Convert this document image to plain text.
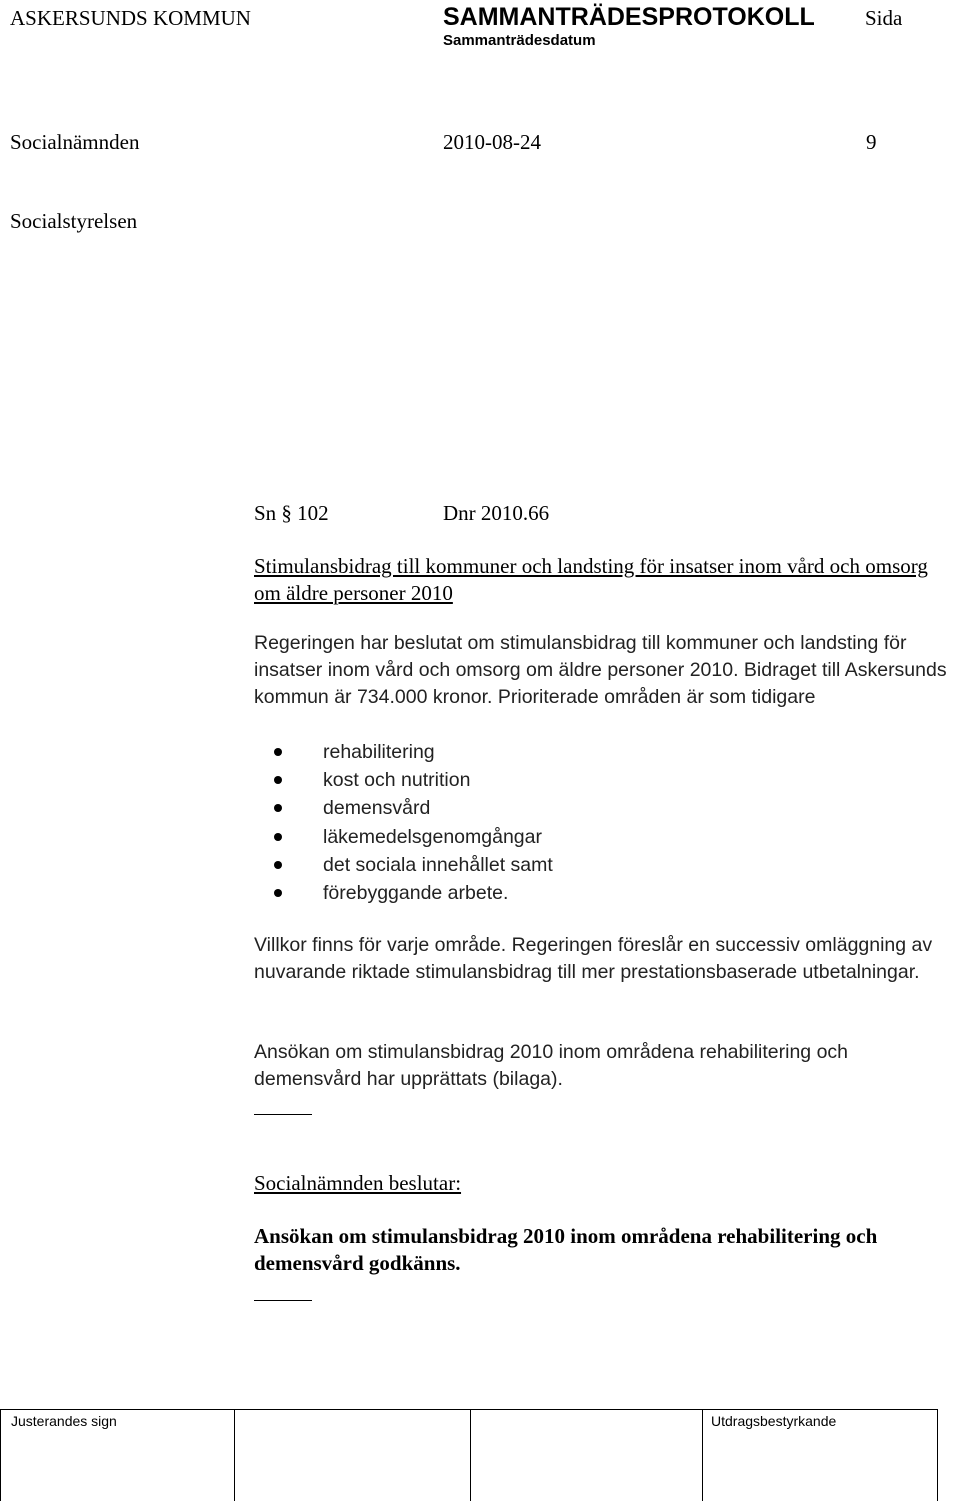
ASKERSUNDS KOMMUN	SAMMANTRÄDESPROTOKOLL Sida
Sammanträdesdatum
Socialnämnden	2010-08-24	9
Socialstyrelsen
Sn § 102	Dnr 2010.66
Stimulansbidrag till kommuner och landsting för insatser inom vård och omsorg om äldre personer 2010
Regeringen har beslutat om stimulansbidrag till kommuner och landsting för insatser inom vård och omsorg om äldre personer 2010. Bidraget till Askersunds kommun är 734.000 kronor. Prioriterade områden är som tidigare
rehabilitering
kost och nutrition
demensvård
läkemedelsgenomgångar
det sociala innehållet samt
förebyggande arbete.
Villkor finns för varje område. Regeringen föreslår en successiv omläggning av nuvarande riktade stimulansbidrag till mer prestationsbaserade utbetalningar.
Ansökan om stimulansbidrag 2010 inom områdena rehabilitering och demensvård har upprättats (bilaga).
Socialnämnden beslutar:
Ansökan om stimulansbidrag 2010 inom områdena rehabilitering och demensvård godkänns.
Justerandes sign	Utdragsbestyrkande
